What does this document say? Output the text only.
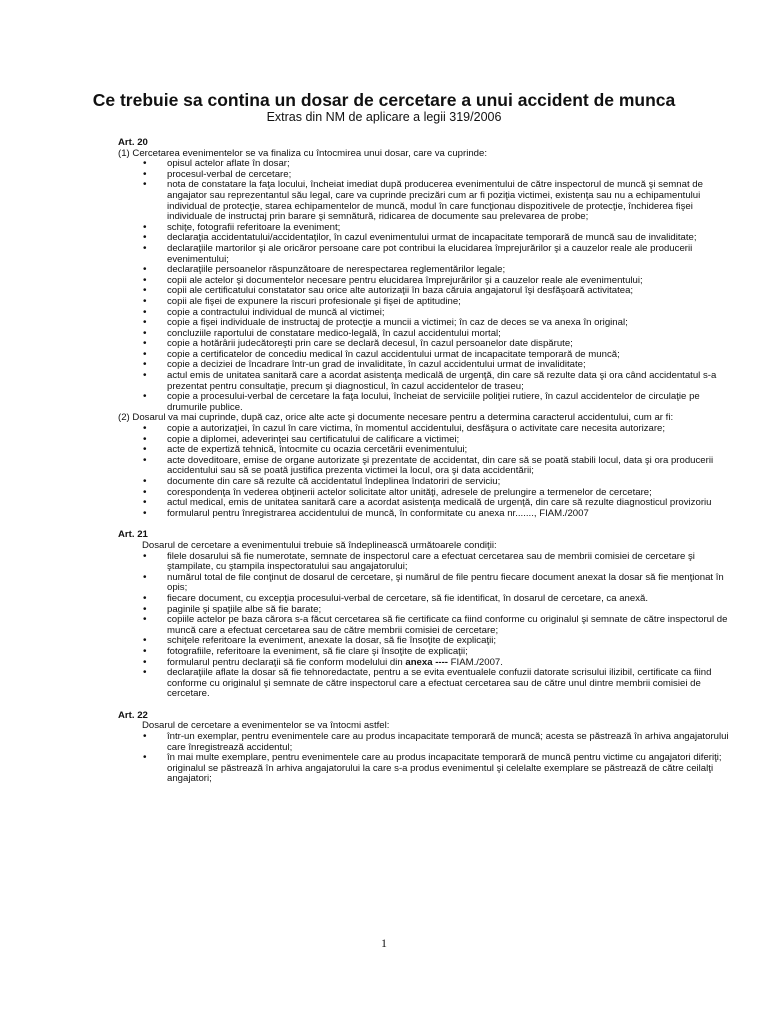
Ce trebuie sa contina un dosar de cercetare a unui accident de munca
Extras din NM de aplicare a legii 319/2006

Art. 20

(1) Cercetarea evenimentelor se va finaliza cu întocmirea unui dosar, care va cuprinde:

• opisul actelor aflate în dosar;
• procesul-verbal de cercetare;
• nota de constatare la faţa locului, încheiat imediat după producerea evenimentului de către inspectorul de muncă şi semnat de angajator sau reprezentantul său legal, care va cuprinde precizări cum ar fi poziţia victimei, existenţa sau nu a echipamentului individual de protecţie, starea echipamentelor de muncă, modul în care funcţionau dispozitivele de protecţie, închiderea fişei individuale de instructaj prin barare şi semnătură, ridicarea de documente sau prelevarea de probe;
• schiţe, fotografii referitoare la eveniment;
• declaraţia accidentatului/accidentaţilor, în cazul evenimentului urmat de incapacitate temporară de muncă sau de invaliditate;
• declaraţiile martorilor şi ale oricăror persoane care pot contribui la elucidarea împrejurărilor şi a cauzelor reale ale producerii evenimentului;
• declaraţiile persoanelor răspunzătoare de nerespectarea reglementărilor legale;
• copii ale actelor şi documentelor necesare pentru elucidarea împrejurărilor şi a cauzelor reale ale evenimentului;
• copii ale certificatului constatator sau orice alte autorizaţii în baza căruia angajatorul îşi desfăşoară activitatea;
• copii ale fişei de expunere la riscuri profesionale şi fişei de aptitudine;
• copie a contractului individual de muncă al victimei;
• copie a fişei individuale de instructaj de protecţie a muncii a victimei; în caz de deces se va anexa în original;
• concluziile raportului de constatare medico-legală, în cazul accidentului mortal;
• copie a hotărârii judecătoreşti prin care se declară decesul, în cazul persoanelor date dispărute;
• copie a certificatelor de concediu medical în cazul accidentului urmat de incapacitate temporară de muncă;
• copie a deciziei de încadrare într-un grad de invaliditate, în cazul accidentului urmat de invaliditate;
• actul emis de unitatea sanitară care a acordat asistenţa medicală de urgenţă, din care să rezulte data şi ora când accidentatul s-a prezentat pentru consultaţie, precum şi diagnosticul, în cazul accidentelor de traseu;
• copie a procesului-verbal de cercetare la faţa locului, încheiat de serviciile poliţiei rutiere, în cazul accidentelor de circulaţie pe drumurile publice.

(2) Dosarul va mai cuprinde, după caz, orice alte acte şi documente necesare pentru a determina caracterul accidentului, cum ar fi:

• copie a autorizaţiei, în cazul în care victima, în momentul accidentului, desfăşura o activitate care necesita autorizare;
• copie a diplomei, adeverinţei sau certificatului de calificare a victimei;
• acte de expertiză tehnică, întocmite cu ocazia cercetării evenimentului;
• acte doveditoare, emise de organe autorizate şi prezentate de accidentat, din care să se poată stabili locul, data şi ora producerii accidentului sau să se poată justifica prezenta victimei la locul, ora şi data accidentării;
• documente din care să rezulte că accidentatul îndeplinea îndatoriri de serviciu;
• corespondenţa în vederea obţinerii actelor solicitate altor unităţi, adresele de prelungire a termenelor de cercetare;
• actul medical, emis de unitatea sanitară care a acordat asistenţa medicală de urgenţă, din care să rezulte diagnosticul provizoriu
• formularul pentru înregistrarea accidentului de muncă, în conformitate cu anexa nr......., FIAM./2007

Art. 21

Dosarul de cercetare a evenimentului trebuie să îndeplinească următoarele condiţii:

• filele dosarului să fie numerotate, semnate de inspectorul care a efectuat cercetarea sau de membrii comisiei de cercetare şi ştampilate, cu ştampila inspectoratului sau angajatorului;
• numărul total de file conţinut de dosarul de cercetare, şi numărul de file pentru fiecare document anexat la dosar să fie menţionat în opis;
• fiecare document, cu excepţia procesului-verbal de cercetare, să fie identificat, în dosarul de cercetare, ca anexă.
• paginile şi spaţiile albe să fie barate;
• copiile actelor pe baza cărora s-a făcut cercetarea să fie certificate ca fiind conforme cu originalul şi semnate de către inspectorul de muncă care a efectuat cercetarea sau de către membrii comisiei de cercetare;
• schiţele referitoare la eveniment, anexate la dosar, să fie însoţite de explicaţii;
• fotografiile, referitoare la eveniment, să fie clare şi însoţite de explicaţii;
• formularul pentru declaraţii să fie conform modelului din anexa ---- FIAM./2007.
• declaraţiile aflate la dosar să fie tehnoredactate, pentru a se evita eventualele confuzii datorate scrisului ilizibil, certificate ca fiind conforme cu originalul şi semnate de către inspectorul care a efectuat cercetarea sau de către unul dintre membrii comisiei de cercetare.

Art. 22

Dosarul de cercetare a evenimentelor se va întocmi astfel:

• într-un exemplar, pentru evenimentele care au produs incapacitate temporară de muncă; acesta se păstrează în arhiva angajatorului care înregistrează accidentul;
• în mai multe exemplare, pentru evenimentele care au produs incapacitate temporară de muncă pentru victime cu angajatori diferiţi; originalul se păstrează în arhiva angajatorului la care s-a produs evenimentul şi celelalte exemplare se păstrează de către ceilalţi angajatori;
1
